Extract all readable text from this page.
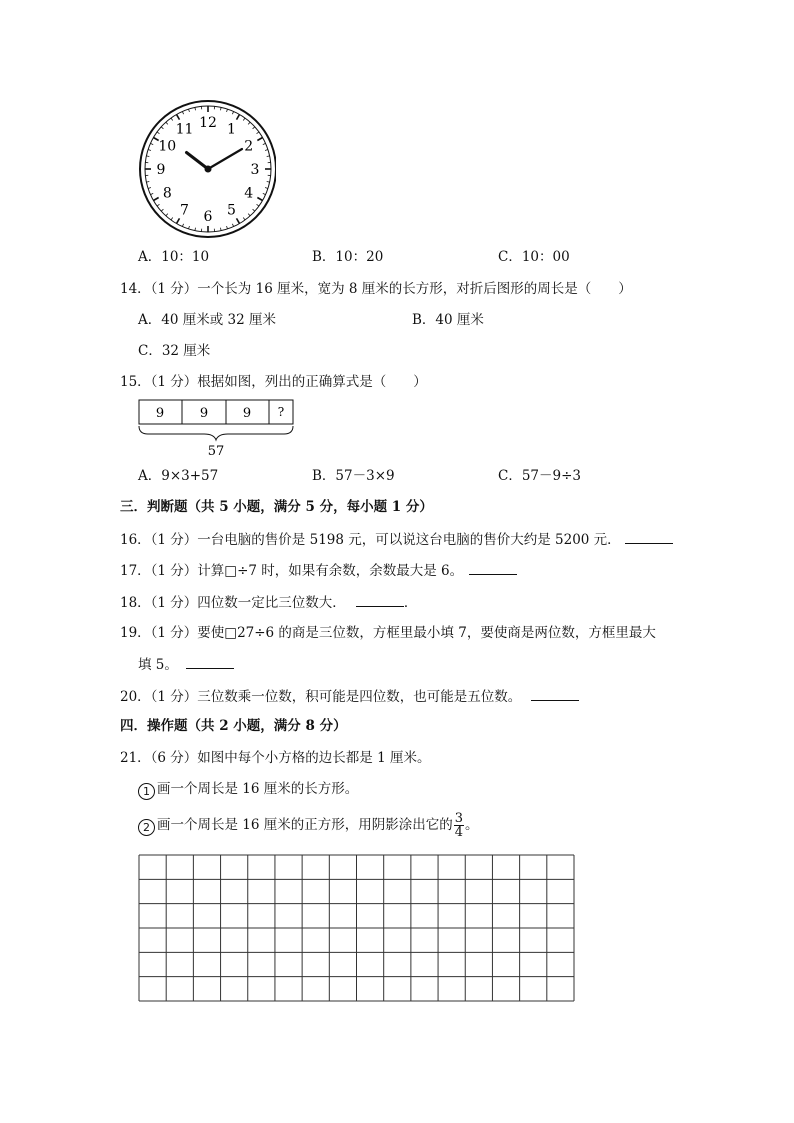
12 1
2
3
4
5
6
7
8
9
10
11
A．10：10	B．10：20	C．10：00
14．（1 分）一个长为 16 厘米，宽为 8 厘米的长方形，对折后图形的周长是（　　）
A．40 厘米或 32 厘米	B．40 厘米
C．32 厘米
15．（1 分）根据如图，列出的正确算式是（　　）
9	9	9 ?
57
A．9×3+57	B．57－3×9	C．57－9÷3
三．判断题（共 5 小题，满分 5 分，每小题 1 分）
16．（1 分）一台电脑的售价是 5198 元，可以说这台电脑的售价大约是 5200 元．
17．（1 分）计算□÷7 时，如果有余数，余数最大是 6。
18．（1 分）四位数一定比三位数大．	．
19．（1 分）要使□27÷6 的商是三位数，方框里最小填 7，要使商是两位数，方框里最大
填 5。
20．（1 分）三位数乘一位数，积可能是四位数，也可能是五位数。
四．操作题（共 2 小题，满分 8 分）
21．（6 分）如图中每个小方格的边长都是 1 厘米。
1 画一个周长是 16 厘米的长方形。
2 画一个周长是 16 厘米的正方形，用阴影涂出它的 $\frac{3}{4}$ 。
